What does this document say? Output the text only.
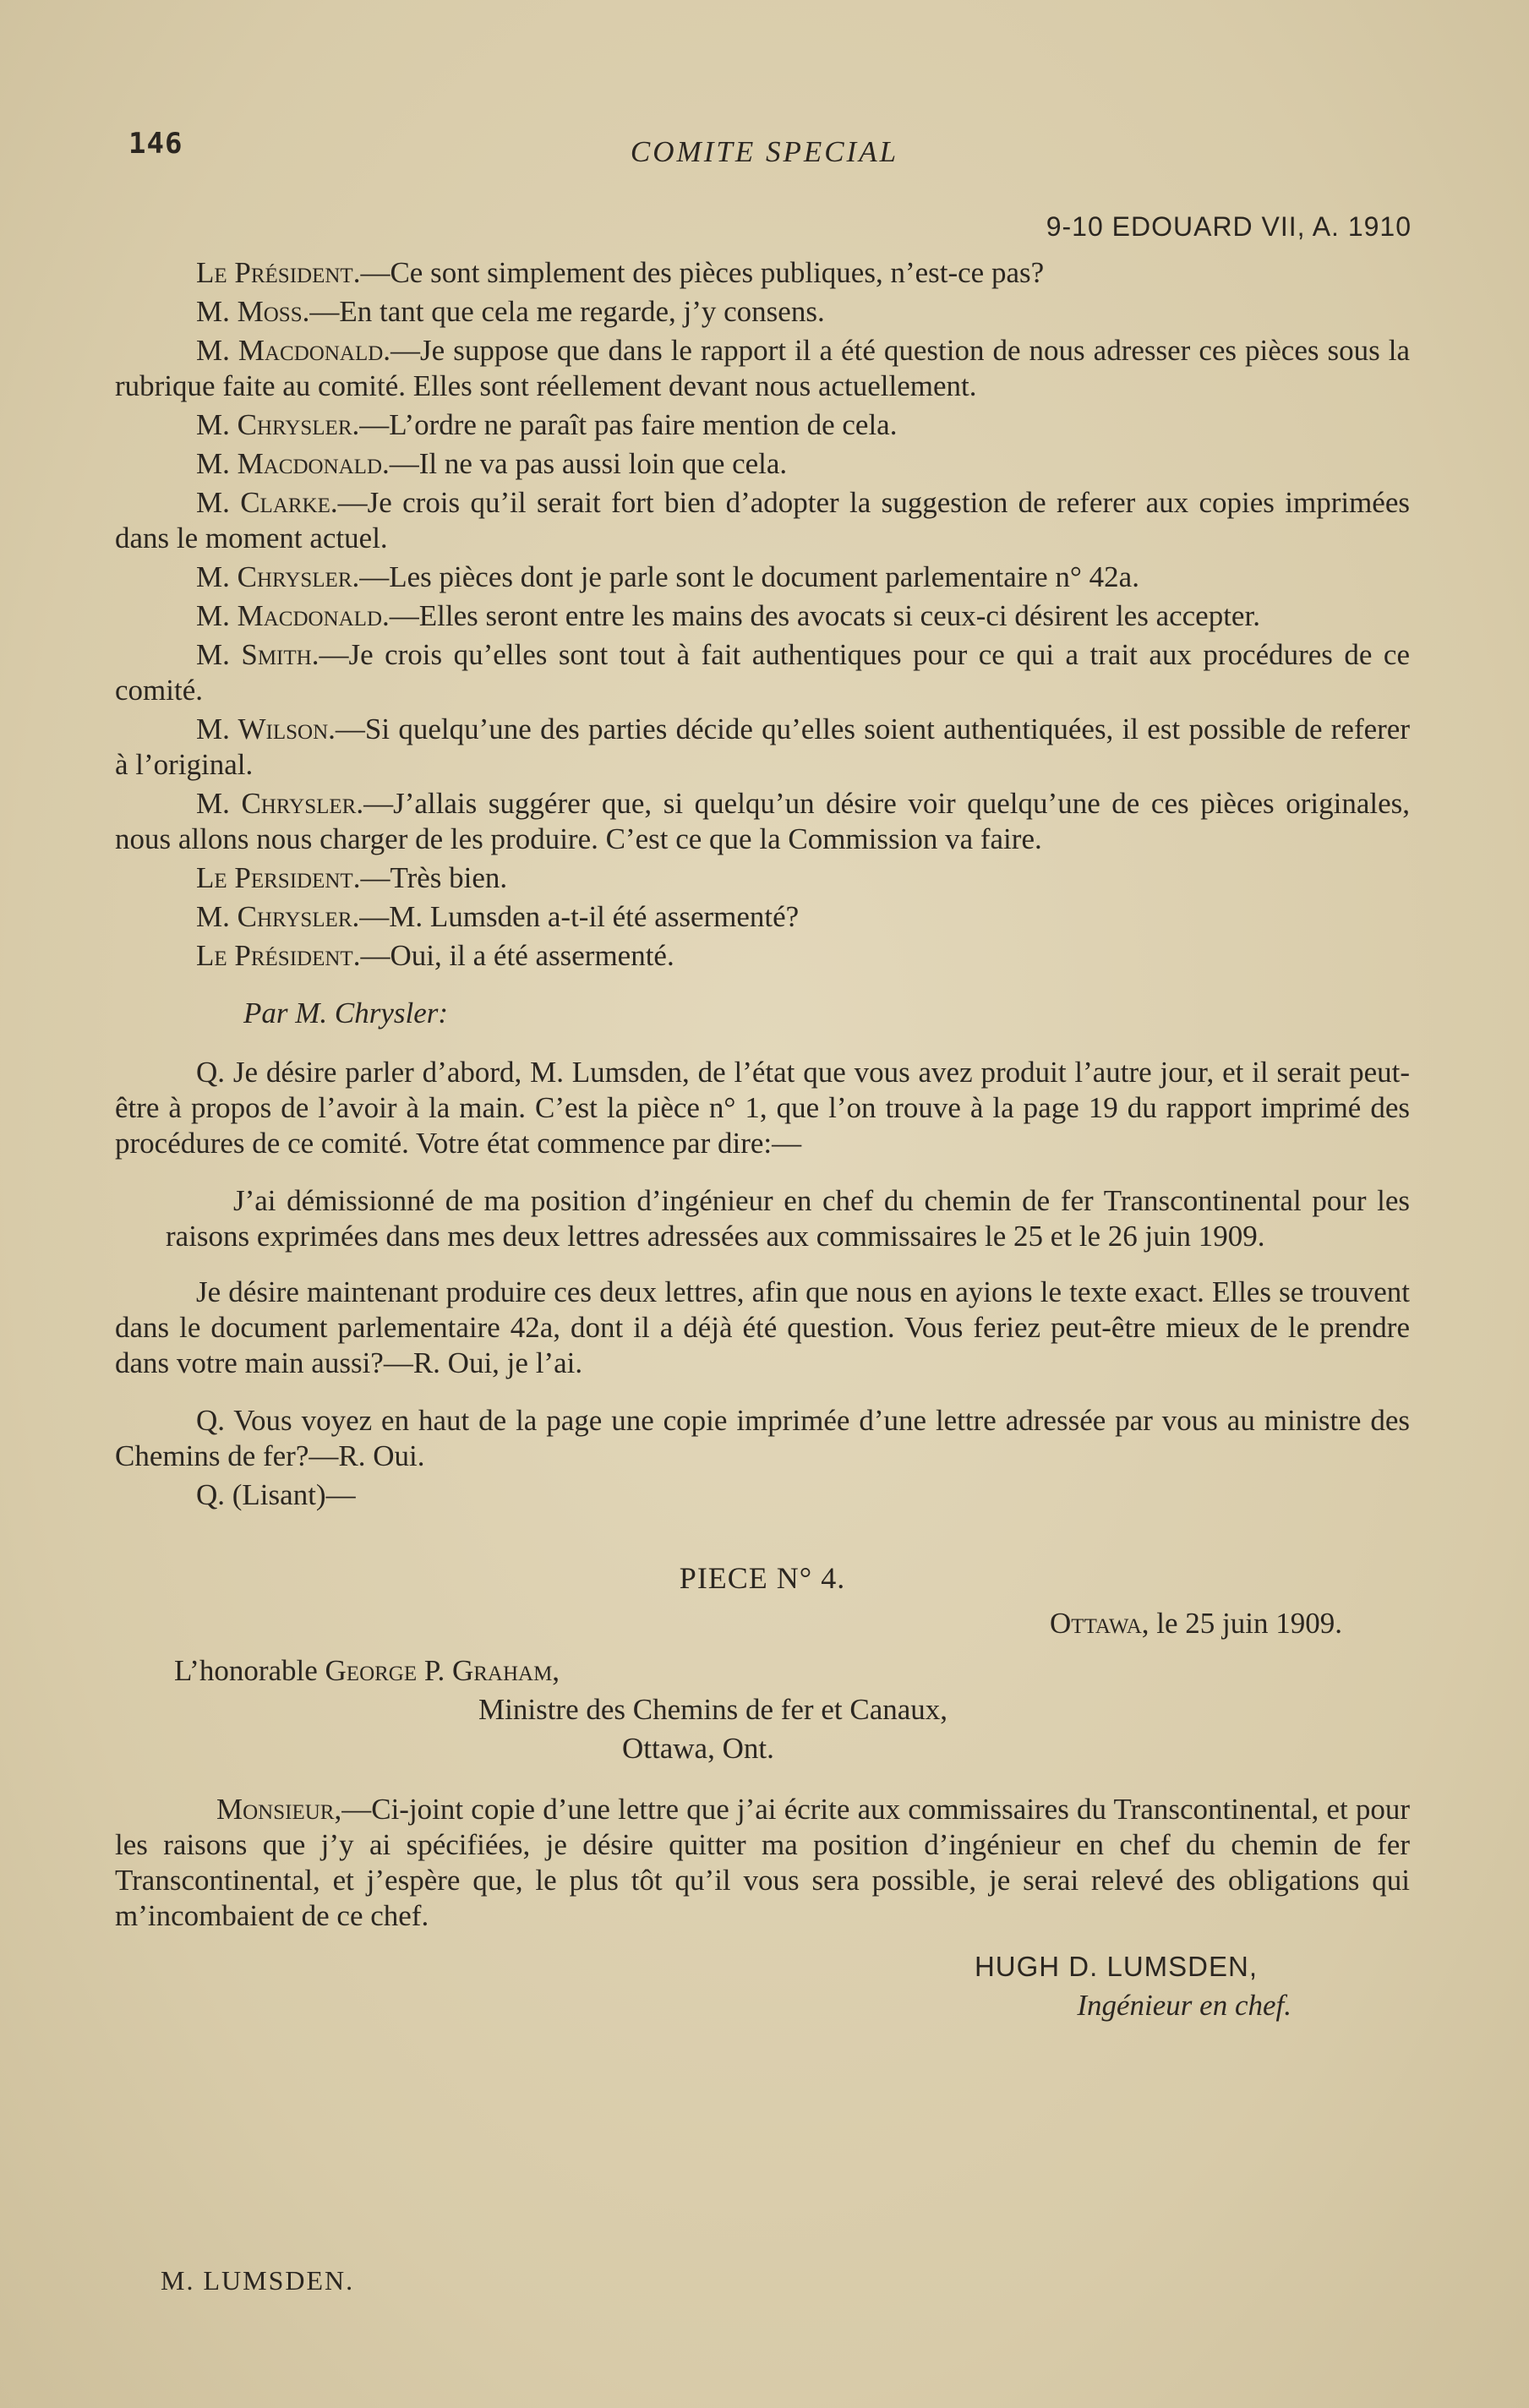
146	COMITE SPECIAL
9-10 EDOUARD VII, A. 1910

Le Président.—Ce sont simplement des pièces publiques, n’est-ce pas?

M. Moss.—En tant que cela me regarde, j’y consens.

M. Macdonald.—Je suppose que dans le rapport il a été question de nous adresser ces pièces sous la rubrique faite au comité. Elles sont réellement devant nous actuellement.

M. Chrysler.—L’ordre ne paraît pas faire mention de cela.

M. Macdonald.—Il ne va pas aussi loin que cela.

M. Clarke.—Je crois qu’il serait fort bien d’adopter la suggestion de referer aux copies imprimées dans le moment actuel.

M. Chrysler.—Les pièces dont je parle sont le document parlementaire n° 42a.

M. Macdonald.—Elles seront entre les mains des avocats si ceux-ci désirent les accepter.

M. Smith.—Je crois qu’elles sont tout à fait authentiques pour ce qui a trait aux procédures de ce comité.

M. Wilson.—Si quelqu’une des parties décide qu’elles soient authentiquées, il est possible de referer à l’original.

M. Chrysler.—J’allais suggérer que, si quelqu’un désire voir quelqu’une de ces pièces originales, nous allons nous charger de les produire. C’est ce que la Commission va faire.

Le Persident.—Très bien.

M. Chrysler.—M. Lumsden a-t-il été assermenté?

Le Président.—Oui, il a été assermenté.

Par M. Chrysler:

Q. Je désire parler d’abord, M. Lumsden, de l’état que vous avez produit l’autre jour, et il serait peut-être à propos de l’avoir à la main. C’est la pièce n° 1, que l’on trouve à la page 19 du rapport imprimé des procédures de ce comité. Votre état commence par dire:—

J’ai démissionné de ma position d’ingénieur en chef du chemin de fer Transcontinental pour les raisons exprimées dans mes deux lettres adressées aux commissaires le 25 et le 26 juin 1909.

Je désire maintenant produire ces deux lettres, afin que nous en ayions le texte exact. Elles se trouvent dans le document parlementaire 42a, dont il a déjà été question. Vous feriez peut-être mieux de le prendre dans votre main aussi?—R. Oui, je l’ai.

Q. Vous voyez en haut de la page une copie imprimée d’une lettre adressée par vous au ministre des Chemins de fer?—R. Oui.

Q. (Lisant)—

PIECE N° 4.

Ottawa, le 25 juin 1909.

L’honorable George P. Graham,

Ministre des Chemins de fer et Canaux,

Ottawa, Ont.

Monsieur,—Ci-joint copie d’une lettre que j’ai écrite aux commissaires du Transcontinental, et pour les raisons que j’y ai spécifiées, je désire quitter ma position d’ingénieur en chef du chemin de fer Transcontinental, et j’espère que, le plus tôt qu’il vous sera possible, je serai relevé des obligations qui m’incombaient de ce chef.

HUGH D. LUMSDEN,

Ingénieur en chef.

M. LUMSDEN.
